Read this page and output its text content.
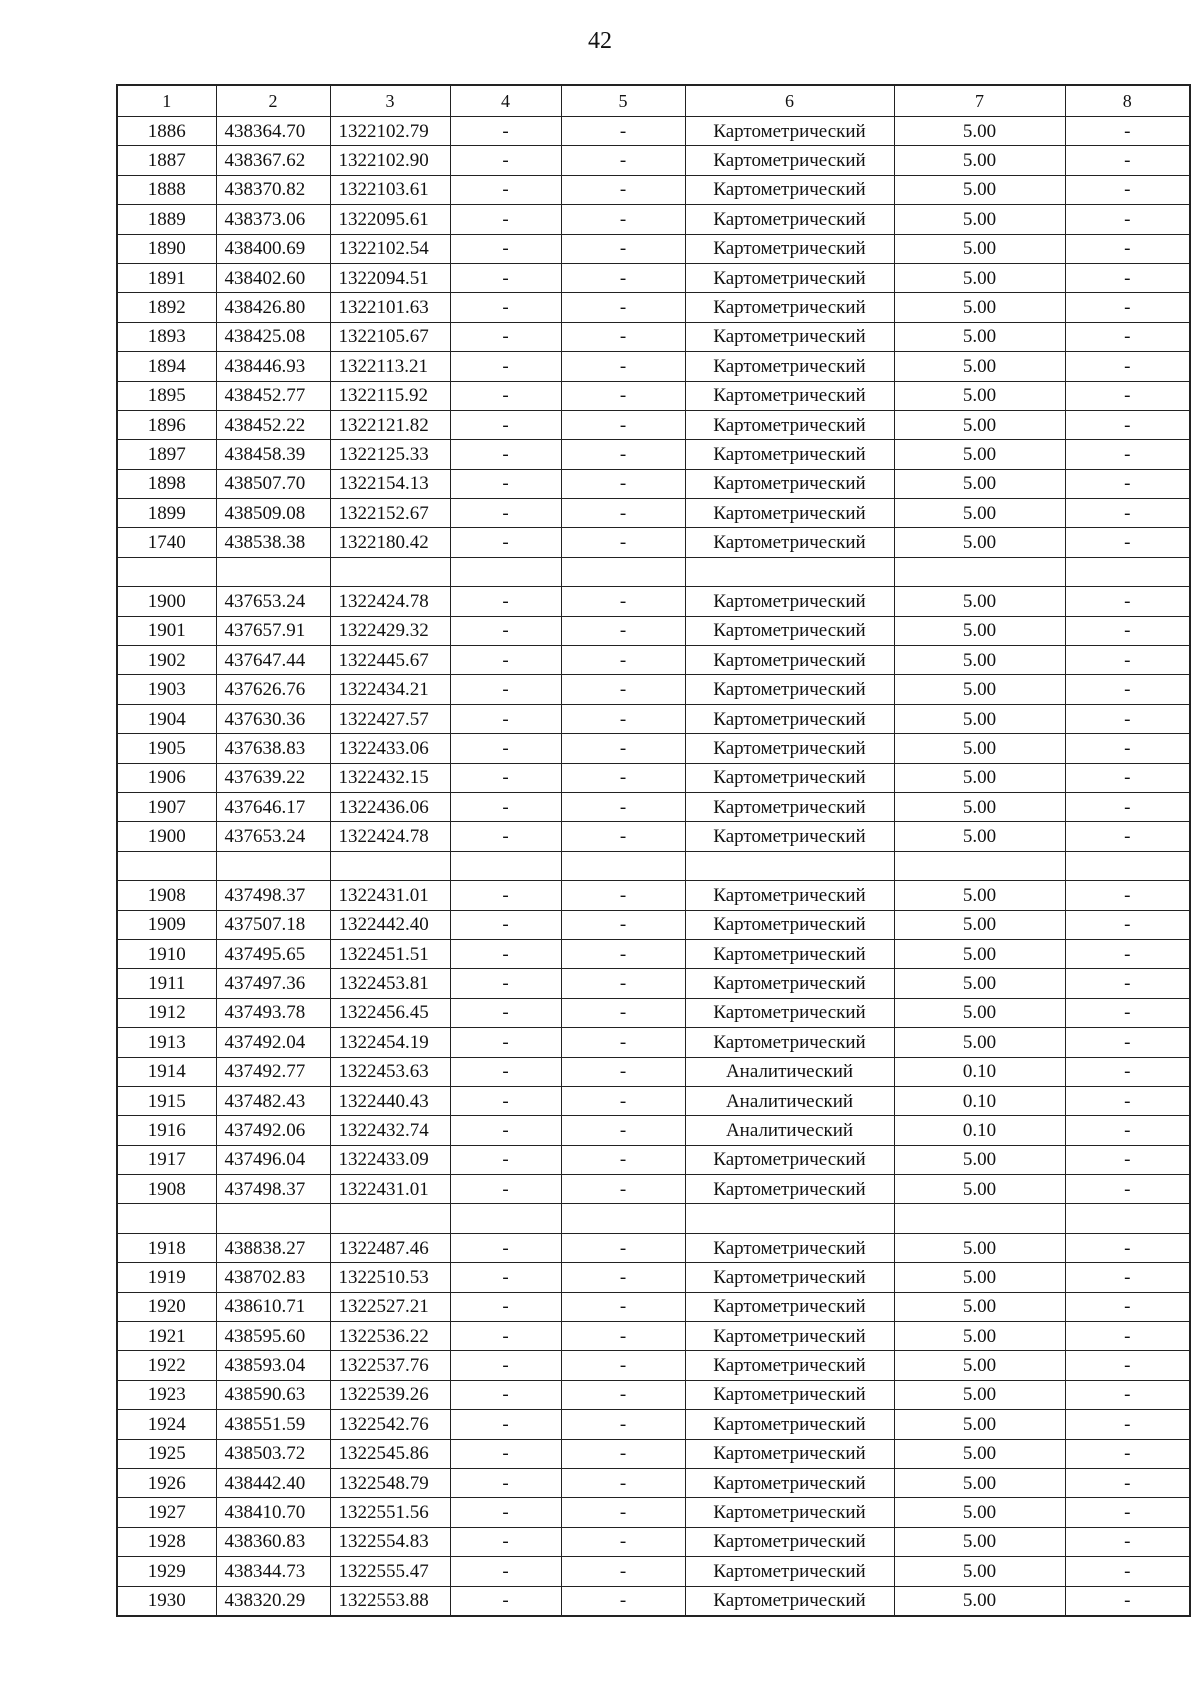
42
1	2	3	4	5	6	7	8
1886	438364.70	1322102.79	-	-	Картометрический	5.00	-
1887	438367.62	1322102.90	-	-	Картометрический	5.00	-
1888	438370.82	1322103.61	-	-	Картометрический	5.00	-
1889	438373.06	1322095.61	-	-	Картометрический	5.00	-
1890	438400.69	1322102.54	-	-	Картометрический	5.00	-
1891	438402.60	1322094.51	-	-	Картометрический	5.00	-
1892	438426.80	1322101.63	-	-	Картометрический	5.00	-
1893	438425.08	1322105.67	-	-	Картометрический	5.00	-
1894	438446.93	1322113.21	-	-	Картометрический	5.00	-
1895	438452.77	1322115.92	-	-	Картометрический	5.00	-
1896	438452.22	1322121.82	-	-	Картометрический	5.00	-
1897	438458.39	1322125.33	-	-	Картометрический	5.00	-
1898	438507.70	1322154.13	-	-	Картометрический	5.00	-
1899	438509.08	1322152.67	-	-	Картометрический	5.00	-
1740	438538.38	1322180.42	-	-	Картометрический	5.00	-

1900	437653.24	1322424.78	-	-	Картометрический	5.00	-
1901	437657.91	1322429.32	-	-	Картометрический	5.00	-
1902	437647.44	1322445.67	-	-	Картометрический	5.00	-
1903	437626.76	1322434.21	-	-	Картометрический	5.00	-
1904	437630.36	1322427.57	-	-	Картометрический	5.00	-
1905	437638.83	1322433.06	-	-	Картометрический	5.00	-
1906	437639.22	1322432.15	-	-	Картометрический	5.00	-
1907	437646.17	1322436.06	-	-	Картометрический	5.00	-
1900	437653.24	1322424.78	-	-	Картометрический	5.00	-

1908	437498.37	1322431.01	-	-	Картометрический	5.00	-
1909	437507.18	1322442.40	-	-	Картометрический	5.00	-
1910	437495.65	1322451.51	-	-	Картометрический	5.00	-
1911	437497.36	1322453.81	-	-	Картометрический	5.00	-
1912	437493.78	1322456.45	-	-	Картометрический	5.00	-
1913	437492.04	1322454.19	-	-	Картометрический	5.00	-
1914	437492.77	1322453.63	-	-	Аналитический	0.10	-
1915	437482.43	1322440.43	-	-	Аналитический	0.10	-
1916	437492.06	1322432.74	-	-	Аналитический	0.10	-
1917	437496.04	1322433.09	-	-	Картометрический	5.00	-
1908	437498.37	1322431.01	-	-	Картометрический	5.00	-

1918	438838.27	1322487.46	-	-	Картометрический	5.00	-
1919	438702.83	1322510.53	-	-	Картометрический	5.00	-
1920	438610.71	1322527.21	-	-	Картометрический	5.00	-
1921	438595.60	1322536.22	-	-	Картометрический	5.00	-
1922	438593.04	1322537.76	-	-	Картометрический	5.00	-
1923	438590.63	1322539.26	-	-	Картометрический	5.00	-
1924	438551.59	1322542.76	-	-	Картометрический	5.00	-
1925	438503.72	1322545.86	-	-	Картометрический	5.00	-
1926	438442.40	1322548.79	-	-	Картометрический	5.00	-
1927	438410.70	1322551.56	-	-	Картометрический	5.00	-
1928	438360.83	1322554.83	-	-	Картометрический	5.00	-
1929	438344.73	1322555.47	-	-	Картометрический	5.00	-
1930	438320.29	1322553.88	-	-	Картометрический	5.00	-
